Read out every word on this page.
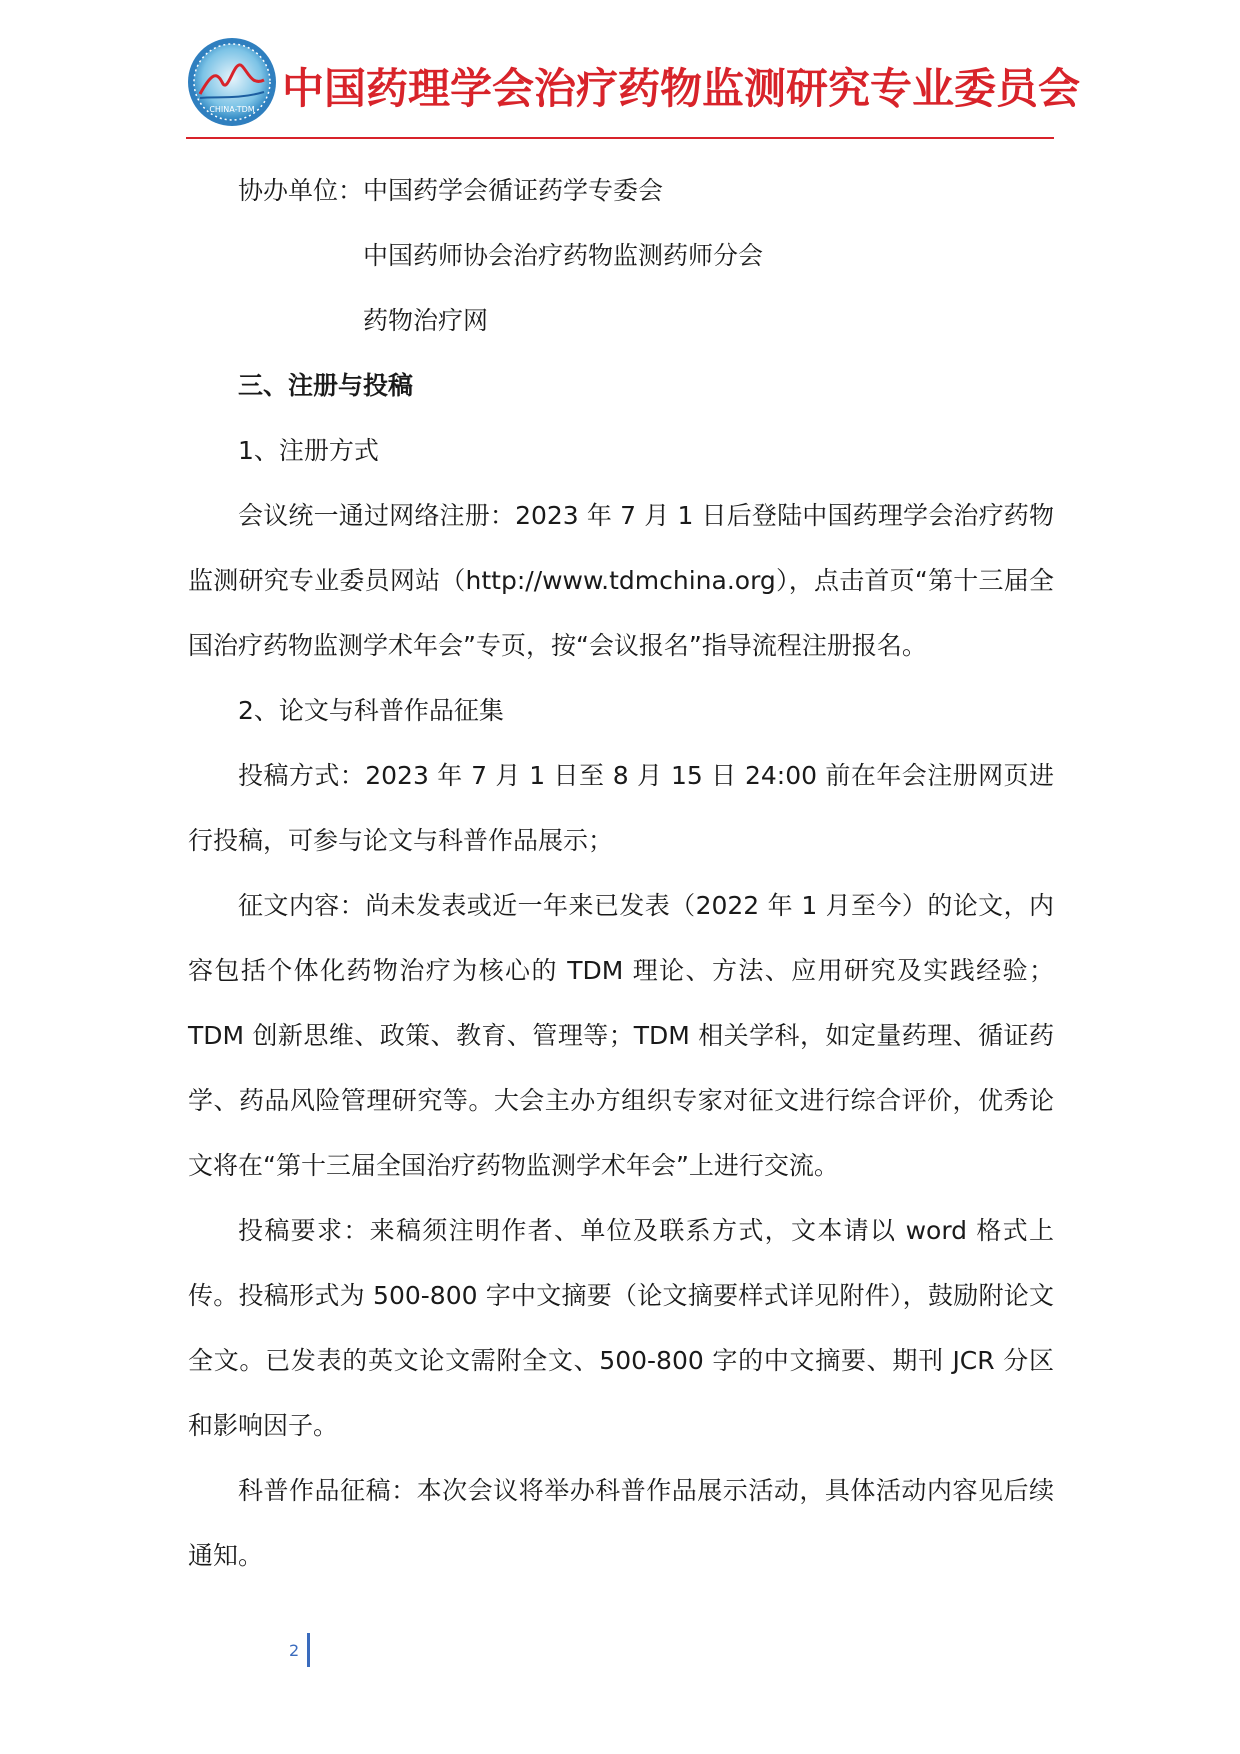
CHINA-TDM 中国药理学会治疗药物监测研究专业委员会

协办单位：中国药学会循证药学专委会

中国药师协会治疗药物监测药师分会

药物治疗网

三、注册与投稿

1、注册方式

会议统一通过网络注册：2023 年 7 月 1 日后登陆中国药理学会治疗药物监测研究专业委员网站（http://www.tdmchina.org），点击首页“第十三届全国治疗药物监测学术年会”专页，按“会议报名”指导流程注册报名。

2、论文与科普作品征集

投稿方式：2023 年 7 月 1 日至 8 月 15 日 24:00 前在年会注册网页进行投稿，可参与论文与科普作品展示；

征文内容：尚未发表或近一年来已发表（2022 年 1 月至今）的论文，内容包括个体化药物治疗为核心的 TDM 理论、方法、应用研究及实践经验；TDM 创新思维、政策、教育、管理等；TDM 相关学科，如定量药理、循证药学、药品风险管理研究等。大会主办方组织专家对征文进行综合评价，优秀论文将在“第十三届全国治疗药物监测学术年会”上进行交流。

投稿要求：来稿须注明作者、单位及联系方式，文本请以 word 格式上传。投稿形式为 500-800 字中文摘要（论文摘要样式详见附件），鼓励附论文全文。已发表的英文论文需附全文、500-800 字的中文摘要、期刊 JCR 分区和影响因子。

科普作品征稿：本次会议将举办科普作品展示活动，具体活动内容见后续通知。

2
